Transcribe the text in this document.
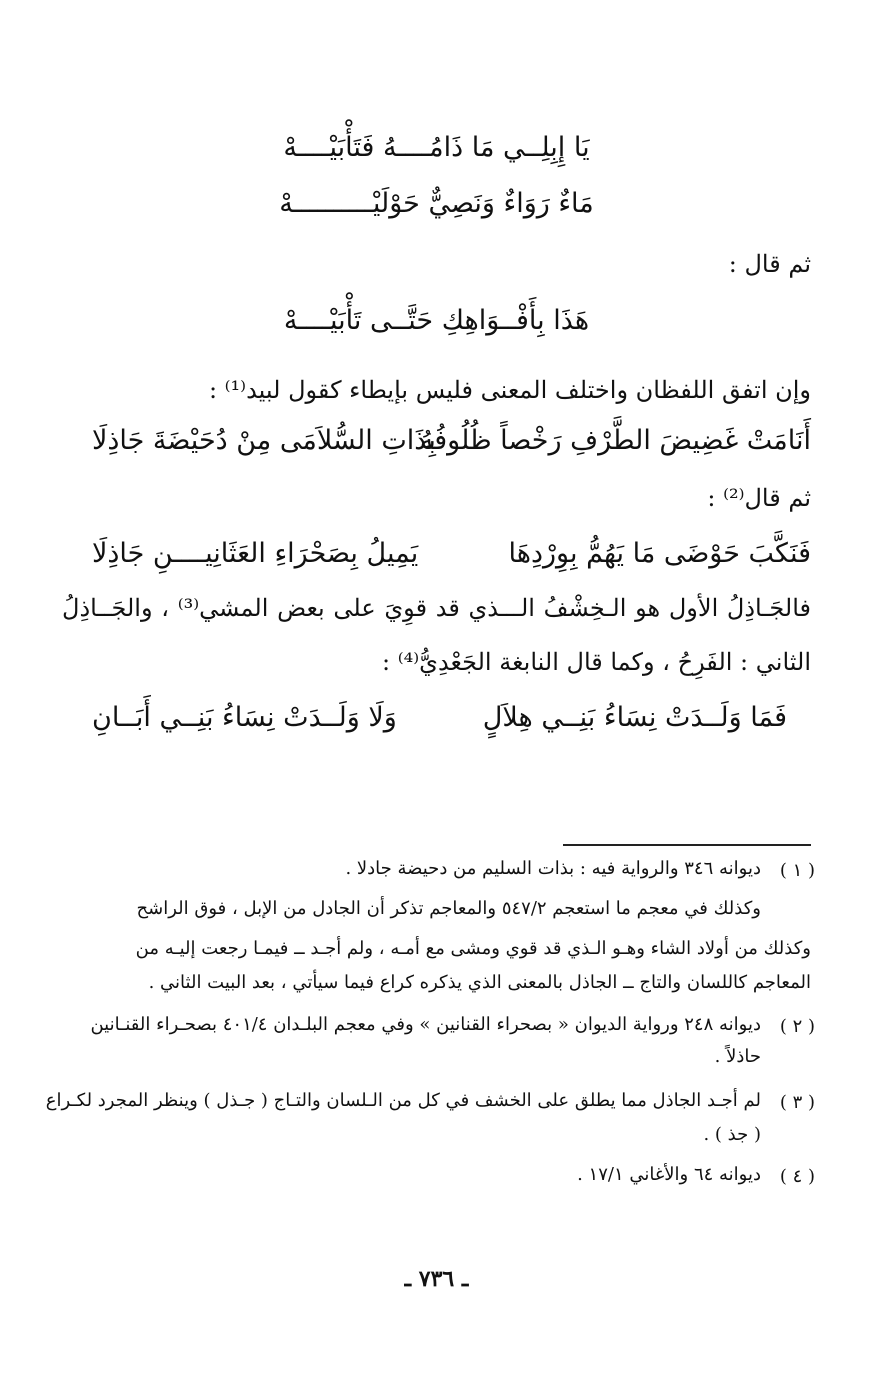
يَا إِبِلِــي مَا ذَامُــــهُ فَتَأْبَيْــــهْ
مَاءٌ رَوَاءٌ وَنَصِيٌّ حَوْلَيْــــــــــهْ
ثم قال :
هَذَا بِأَفْــوَاهِكِ حَتَّــى تَأْبَيْــــهْ
وإن اتفق اللفظان واختلف المعنى فليس بإيطاء كقول لبيد⁽¹⁾ :
أَنَامَتْ غَضِيضَ الطَّرْفِ رَخْصاً ظُلُوفُهُ
بِذَاتِ السُّلاَمَى مِنْ دُحَيْضَةَ جَاذِلَا
ثم قال⁽²⁾ :
فَنَكَّبَ حَوْضَى مَا يَهُمُّ بِوِرْدِهَا
يَمِيلُ بِصَحْرَاءِ العَثَانِيــــنِ جَاذِلَا
فالجَـاذِلُ الأول هو الـخِشْفُ الـــذي قد قوِيَ على بعض المشي⁽³⁾ ، والجَــاذِلُ
الثاني : الفَرِحُ ، وكما قال النابغة الجَعْدِيُّ⁽⁴⁾ :
فَمَا وَلَــدَتْ نِسَاءُ بَنِــي هِلاَلٍ
وَلَا وَلَــدَتْ نِسَاءُ بَنِــي أَبَــانِ
( ١ )
ديوانه ٣٤٦ والرواية فيه : بذات السليم من دحيضة جادلا .
وكذلك في معجم ما استعجم ٥٤٧/٢ والمعاجم تذكر أن الجادل من الإبل ، فوق الراشح
وكذلك من أولاد الشاء وهـو الـذي قد قوي ومشى مع أمـه ، ولم أجـد ــ فيمـا رجعت إليـه من
المعاجم كاللسان والتاج ــ الجاذل بالمعنى الذي يذكره كراع فيما سيأتي ، بعد البيت الثاني .
( ٢ )
ديوانه ٢٤٨ ورواية الديوان « بصحراء القنانين » وفي معجم البلـدان ٤٠١/٤ بصحـراء القنـانين
حاذلاً .
( ٣ )
لم أجـد الجاذل مما يطلق على الخشف في كل من الـلسان والتـاج ( جـذل ) وينظر المجرد لكـراع
( جذ ) .
( ٤ )
ديوانه ٦٤ والأغاني ١٧/١ .
ـ ٧٣٦ ـ
